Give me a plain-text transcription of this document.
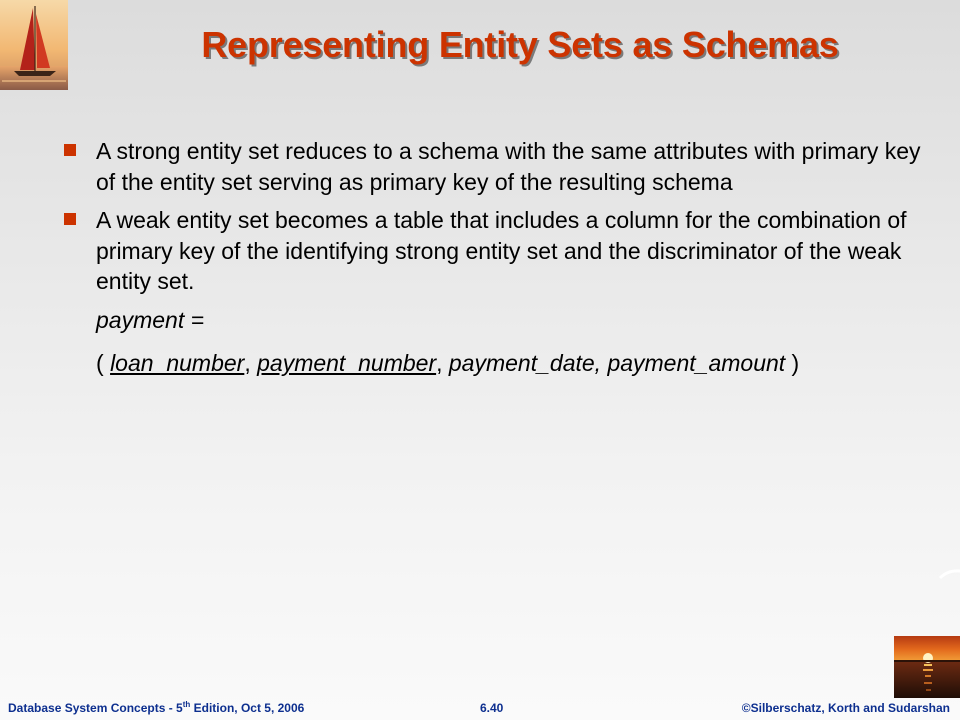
Representing Entity Sets as Schemas
A strong entity set reduces to a schema with the same attributes with primary key of the entity set serving as primary key of the resulting schema
A weak entity set becomes a table that includes a column for the combination of primary key of the identifying strong entity set and the discriminator of the weak entity set.
payment =
( loan_number, payment_number, payment_date, payment_amount )
Database System Concepts - 5th Edition, Oct 5, 2006	6.40	©Silberschatz, Korth and Sudarshan
